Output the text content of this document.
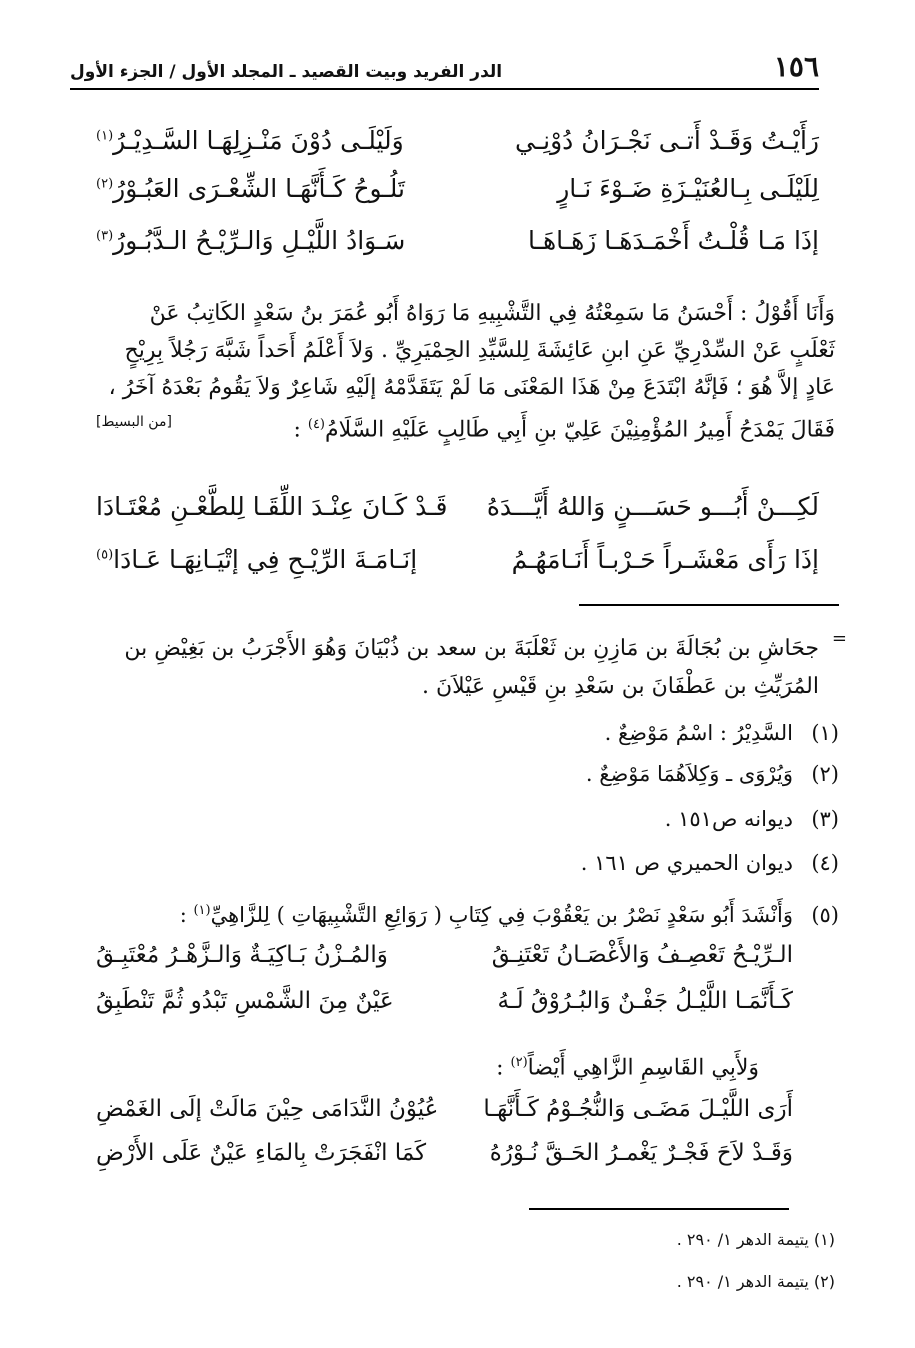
١٥٦
الدر الفريد وبيت القصيد ـ المجلد الأول / الجزء الأول
رَأَيْـتُ وَقَـدْ أَتـى نَجْـرَانُ دُوْنِـي
وَلَيْلَـى دُوْنَ مَنْـزِلِهَـا السَّـدِيْـرُ$^{(١)}$
لِلَيْلَـى بِـالعُنَيْـزَةِ ضَـوْءَ نَـارٍ
تَلُـوحُ كَـأَنَّهَـا الشِّعْـرَى العَبُـوْرُ$^{(٢)}$
إذَا مَـا قُلْـتُ أَخْمَـدَهَـا زَهَـاهَـا
سَـوَادُ اللَّيْـلِ وَالـرِّيْـحُ الـدَّبُـورُ$^{(٣)}$
وَأَنَا أَقُوْلُ : أَحْسَنُ مَا سَمِعْتُهُ فِي التَّشْبِيهِ مَا رَوَاهُ أَبُو عُمَرَ بنُ سَعْدٍ الكَاتِبُ عَنْ
ثَعْلَبٍ عَنْ السِّدْرِيِّ عَنِ ابنِ عَائِشَةَ لِلسَّيِّدِ الحِمْيَرِيِّ . وَلاَ أَعْلَمُ أَحَداً شَبَّهَ رَجُلاً بِرِيْحٍ
عَادٍ إلاَّ هُوَ ؛ فَإنَّهُ ابْتَدَعَ مِنْ هَذَا المَعْنَى مَا لَمْ يَتَقَدَّمْهُ إلَيْهِ شَاعِرٌ وَلاَ يَقُومُ بَعْدَهُ آخَرُ ،
فَقَالَ يَمْدَحُ أَمِيرُ المُؤْمِنِيْنَ عَلِيّ بنِ أَبِي طَالِبٍ عَلَيْهِ السَّلَامُ$^{(٤)}$ :
[من البسيط]
لَكِـــنْ أَبُـــو حَسَـــنٍ وَاللهُ أَيَّـــدَهُ
قَـدْ كَـانَ عِنْـدَ اللِّقَـا لِلطَّعْـنِ مُعْتَـادَا
إذَا رَأَى مَعْشَـراً حَـرْبـاً أَنَـامَهُـمُ
إنَـامَـةَ الرِّيْـحِ فِي إتْيَـانِهَـا عَـادَا$^{(٥)}$
=
جحَاشِ بن بُجَالَةَ بن مَازِنِ بن ثَعْلَبَةَ بن سعد بن ذُبْيَانَ وَهُوَ الأَجْرَبُ بن بَغِيْضِ بن
المُرَيِّثِ بن عَطْفَانَ بن سَعْدِ بنِ قَيْسِ عَيْلاَنَ .
(١)السَّدِيْرُ : اسْمُ مَوْضِعٌ .
(٢)وَيُرْوَى ـ وَكِلاَهُمَا مَوْضِعٌ .
(٣)ديوانه ص١٥١ .
(٤)ديوان الحميري ص ١٦١ .
(٥)وَأَنْشَدَ أَبُو سَعْدٍ نَصْرُ بن يَعْقُوْبَ فِي كِتَابِ ( رَوَائِعِ التَّشْبِيهَاتِ ) لِلزَّاهِيِّ$^{(١)}$ :
الـرِّيْـحُ تَعْصِـفُ وَالأَغْصَـانُ تَعْتَنِـقُ
وَالمُـزْنُ بَـاكِيَـةٌ وَالـزَّهْـرُ مُعْتَبِـقُ
كَـأَنَّمَـا اللَّيْـلُ جَفْـنٌ وَالبُـرُوْقُ لَـهُ
عَيْنٌ مِنَ الشَّمْسِ تَبْدُو ثُمَّ تَنْطَبِقُ
وَلأَبِي القَاسِمِ الزَّاهِي أَيْضاً$^{(٢)}$ :
أَرَى اللَّيْـلَ مَضَـى وَالنُّجُـوْمُ كَـأَنَّهَـا
عُيُوْنُ النَّدَامَى حِيْنَ مَالَتْ إلَى الغَمْضِ
وَقَـدْ لاَحَ فَجْـرٌ يَغْمـرُ الحَـقَّ نُـوْرُهُ
كَمَا انْفَجَرَتْ بِالمَاءِ عَيْنٌ عَلَى الأَرْضِ
(١) يتيمة الدهر ١/ ٢٩٠ .
(٢) يتيمة الدهر ١/ ٢٩٠ .
